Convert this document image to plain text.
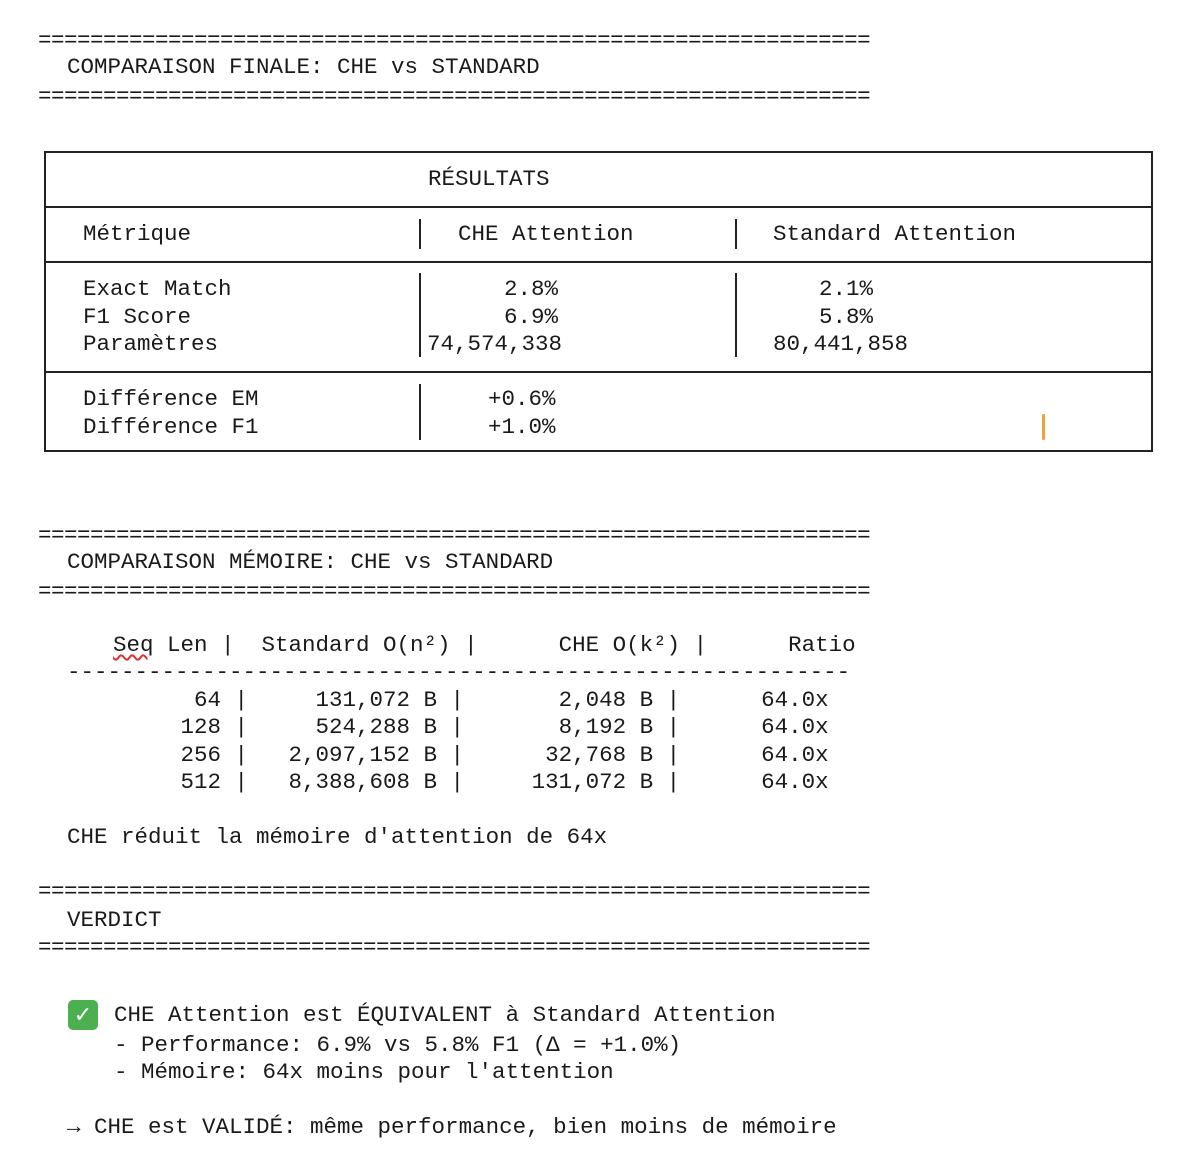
================================================================
COMPARAISON FINALE: CHE vs STANDARD
================================================================
RÉSULTATS
Métrique	CHE Attention	Standard Attention
Exact Match
F1 Score
Paramètres
2.8%
6.9%
74,574,338
2.1%
5.8%
80,441,858
Différence EM
Différence F1
+0.6%
+1.0%
================================================================
COMPARAISON MÉMOIRE: CHE vs STANDARD
================================================================
Seq Len |  Standard O(n²) |      CHE O(k²) |      Ratio
----------------------------------------------------------
64 |     131,072 B |       2,048 B |      64.0x
128 |     524,288 B |       8,192 B |      64.0x
256 |   2,097,152 B |      32,768 B |      64.0x
512 |   8,388,608 B |     131,072 B |      64.0x
CHE réduit la mémoire d'attention de 64x
================================================================
VERDICT
================================================================
✓ CHE Attention est ÉQUIVALENT à Standard Attention
- Performance: 6.9% vs 5.8% F1 (Δ = +1.0%)
- Mémoire: 64x moins pour l'attention
→ CHE est VALIDÉ: même performance, bien moins de mémoire
